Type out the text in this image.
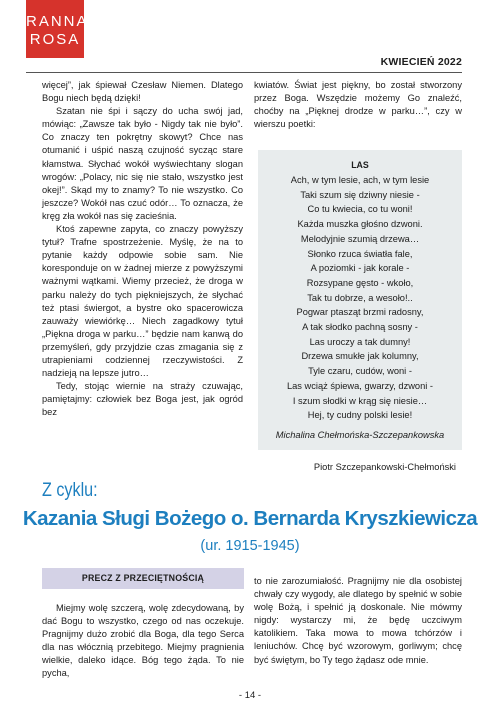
RANNA
ROSA
KWIECIEŃ 2022

więcej”, jak śpiewał Czesław Niemen. Dlatego Bogu niech będą dzięki!

Szatan nie śpi i sączy do ucha swój jad, mówiąc: „Zawsze tak było - Nigdy tak nie było”. Co znaczy ten pokrętny skowyt? Chce nas otumanić i uśpić naszą czujność sycząc stare kłamstwa. Słychać wokół wyświechtany slogan wrogów: „Polacy, nic się nie stało, wszystko jest okej!”. Skąd my to znamy? To nie wszystko. Co jeszcze? Wokół nas czuć odór… To oznacza, że kręg zła wokół nas się zacieśnia.

Ktoś zapewne zapyta, co znaczy powyższy tytuł? Trafne spostrzeżenie. Myślę, że na to pytanie każdy odpowie sobie sam. Nie koresponduje on w żadnej mierze z powyższymi ważnymi wątkami. Wiemy przecież, że droga w parku należy do tych piękniejszych, że słychać też ptasi świergot, a bystre oko spacerowicza zauważy wiewiórkę… Niech zagadkowy tytuł „Piękna droga w parku…” będzie nam kanwą do przemyśleń, gdy przyjdzie czas zmagania się z utrapieniami codziennej rzeczywistości. Z nadzieją na lepsze jutro…

Tedy, stojąc wiernie na straży czuwając, pamiętajmy: człowiek bez Boga jest, jak ogród bez

kwiatów. Świat jest piękny, bo został stworzony przez Boga. Wszędzie możemy Go znaleźć, choćby na „Pięknej drodze w parku…”, czy w wierszu poetki:

LAS
Ach, w tym lesie, ach, w tym lesie
Taki szum się dziwny niesie -
Co tu kwiecia, co tu woni!
Każda muszka głośno dzwoni.
Melodyjnie szumią drzewa…
Słonko rzuca światła fale,
A poziomki - jak korale -
Rozsypane gęsto - wkoło,
Tak tu dobrze, a wesoło!..
Pogwar ptasząt brzmi radosny,
A tak słodko pachną sosny -
Las uroczy a tak dumny!
Drzewa smukłe jak kolumny,
Tyle czaru, cudów, woni -
Las wciąż śpiewa, gwarzy, dzwoni -
I szum słodki w krąg się niesie…
Hej, ty cudny polski lesie!
Michalina Chełmońska-Szczepankowska
Piotr Szczepankowski-Chełmoński
Z cyklu:
Kazania Sługi Bożego o. Bernarda Kryszkiewicza
(ur. 1915-1945)
PRECZ Z PRZECIĘTNOŚCIĄ
Miejmy wolę szczerą, wolę zdecydowaną, by dać Bogu to wszystko, czego od nas oczekuje. Pragnijmy dużo zrobić dla Boga, dla tego Serca dla nas włócznią przebitego. Miejmy pragnienia wielkie, daleko idące. Bóg tego żąda. To nie pycha,
to nie zarozumiałość. Pragnijmy nie dla osobistej chwały czy wygody, ale dlatego by spełnić w sobie wolę Bożą, i spełnić ją doskonale. Nie mówmy nigdy: wystarczy mi, że będę uczciwym katolikiem. Taka mowa to mowa tchórzów i leniuchów. Chcę być wzorowym, gorliwym; chcę być świętym, bo Ty tego żądasz ode mnie.
- 14 -
